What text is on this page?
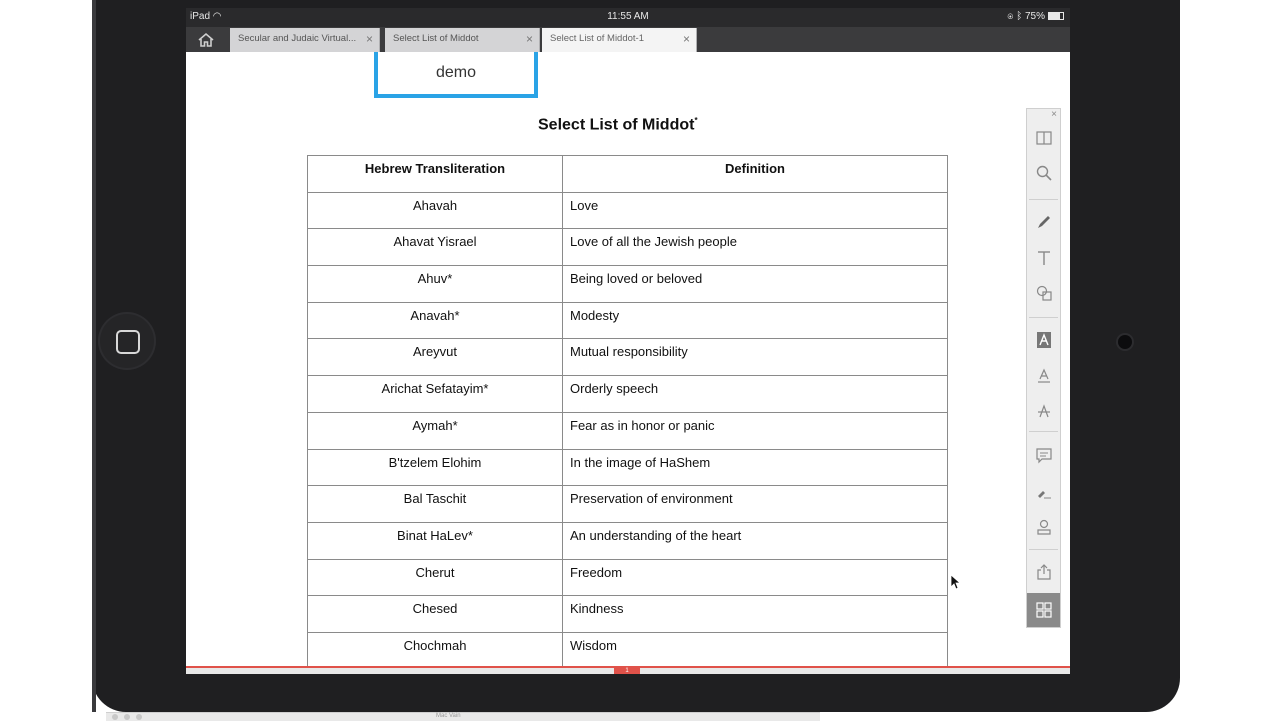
iPad ◠	11:55 AM	◉ ᛒ 75%
Secular and Judaic Virtual... ×	Select List of Middot	×	Select List of Middot-1	×
demo
Select List of Middot*
Hebrew Transliteration	Definition
Ahavah	Love
Ahavat Yisrael	Love of all the Jewish people
Ahuv*	Being loved or beloved
Anavah*	Modesty
Areyvut	Mutual responsibility
Arichat Sefatayim*	Orderly speech
Aymah*	Fear as in honor or panic
B'tzelem Elohim	In the image of HaShem
Bal Taschit	Preservation of environment
Binat HaLev*	An understanding of the heart
Cherut	Freedom
Chesed	Kindness
Chochmah	Wisdom
×
1
Mac Vain
